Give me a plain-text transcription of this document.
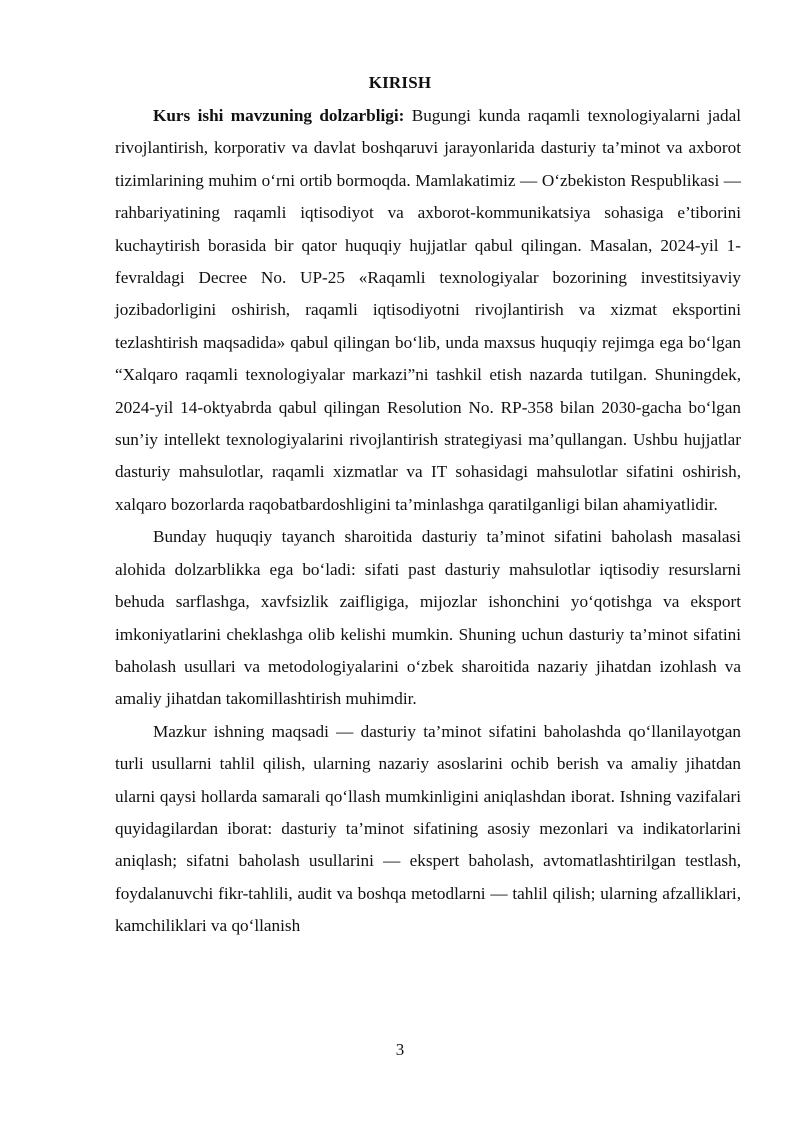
KIRISH

Kurs ishi mavzuning dolzarbligi: Bugungi kunda raqamli texnologiyalarni jadal rivojlantirish, korporativ va davlat boshqaruvi jarayonlarida dasturiy ta’minot va axborot tizimlarining muhim o‘rni ortib bormoqda. Mamlakatimiz — O‘zbekiston Respublikasi — rahbariyatining raqamli iqtisodiyot va axborot-kommunikatsiya sohasiga e’tiborini kuchaytirish borasida bir qator huquqiy hujjatlar qabul qilingan. Masalan, 2024-yil 1-fevraldagi Decree No. UP-25 «Raqamli texnologiyalar bozorining investitsiyaviy jozibadorligini oshirish, raqamli iqtisodiyotni rivojlantirish va xizmat eksportini tezlashtirish maqsadida» qabul qilingan bo‘lib, unda maxsus huquqiy rejimga ega bo‘lgan “Xalqaro raqamli texnologiyalar markazi”ni tashkil etish nazarda tutilgan. Shuningdek, 2024-yil 14-oktyabrda qabul qilingan Resolution No. RP-358 bilan 2030-gacha bo‘lgan sun’iy intellekt texnologiyalarini rivojlantirish strategiyasi ma’qullangan. Ushbu hujjatlar dasturiy mahsulotlar, raqamli xizmatlar va IT sohasidagi mahsulotlar sifatini oshirish, xalqaro bozorlarda raqobatbardoshligini ta’minlashga qaratilganligi bilan ahamiyatlidir.

Bunday huquqiy tayanch sharoitida dasturiy ta’minot sifatini baholash masalasi alohida dolzarblikka ega bo‘ladi: sifati past dasturiy mahsulotlar iqtisodiy resurslarni behuda sarflashga, xavfsizlik zaifligiga, mijozlar ishonchini yo‘qotishga va eksport imkoniyatlarini cheklashga olib kelishi mumkin. Shuning uchun dasturiy ta’minot sifatini baholash usullari va metodologiyalarini o‘zbek sharoitida nazariy jihatdan izohlash va amaliy jihatdan takomillashtirish muhimdir.

Mazkur ishning maqsadi — dasturiy ta’minot sifatini baholashda qo‘llanilayotgan turli usullarni tahlil qilish, ularning nazariy asoslarini ochib berish va amaliy jihatdan ularni qaysi hollarda samarali qo‘llash mumkinligini aniqlashdan iborat. Ishning vazifalari quyidagilardan iborat: dasturiy ta’minot sifatining asosiy mezonlari va indikatorlarini aniqlash; sifatni baholash usullarini — ekspert baholash, avtomatlashtirilgan testlash, foydalanuvchi fikr-tahlili, audit va boshqa metodlarni — tahlil qilish; ularning afzalliklari, kamchiliklari va qo‘llanish

3
